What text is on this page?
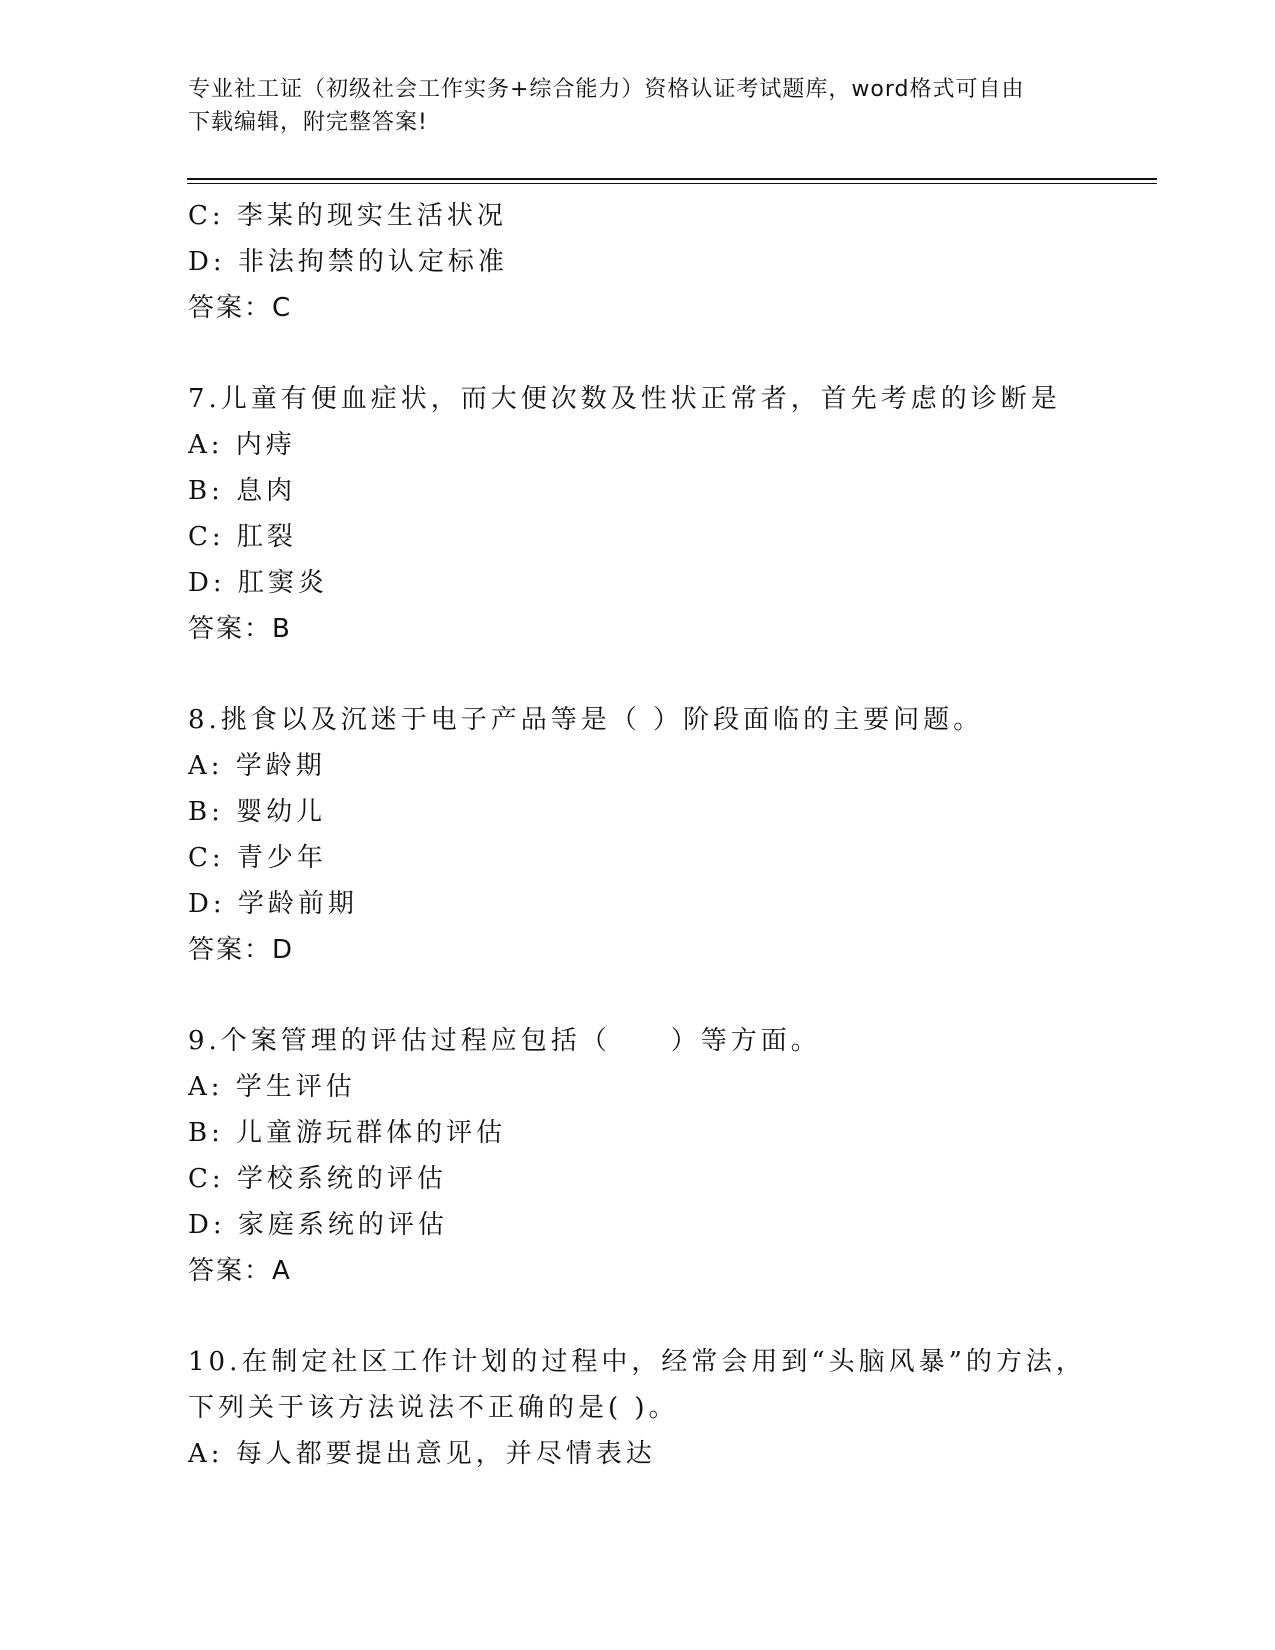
专业社工证（初级社会工作实务+综合能力）资格认证考试题库，word格式可自由
下载编辑，附完整答案!
C: 李某的现实生活状况
D: 非法拘禁的认定标准
答案：C
7.儿童有便血症状，而大便次数及性状正常者，首先考虑的诊断是
A: 内痔
B: 息肉
C: 肛裂
D: 肛窦炎
答案：B
8.挑食以及沉迷于电子产品等是（ ）阶段面临的主要问题。
A: 学龄期
B: 婴幼儿
C: 青少年
D: 学龄前期
答案：D
9.个案管理的评估过程应包括（　　）等方面。
A: 学生评估
B: 儿童游玩群体的评估
C: 学校系统的评估
D: 家庭系统的评估
答案：A
10.在制定社区工作计划的过程中，经常会用到“头脑风暴”的方法，
下列关于该方法说法不正确的是( )。
A: 每人都要提出意见，并尽情表达
